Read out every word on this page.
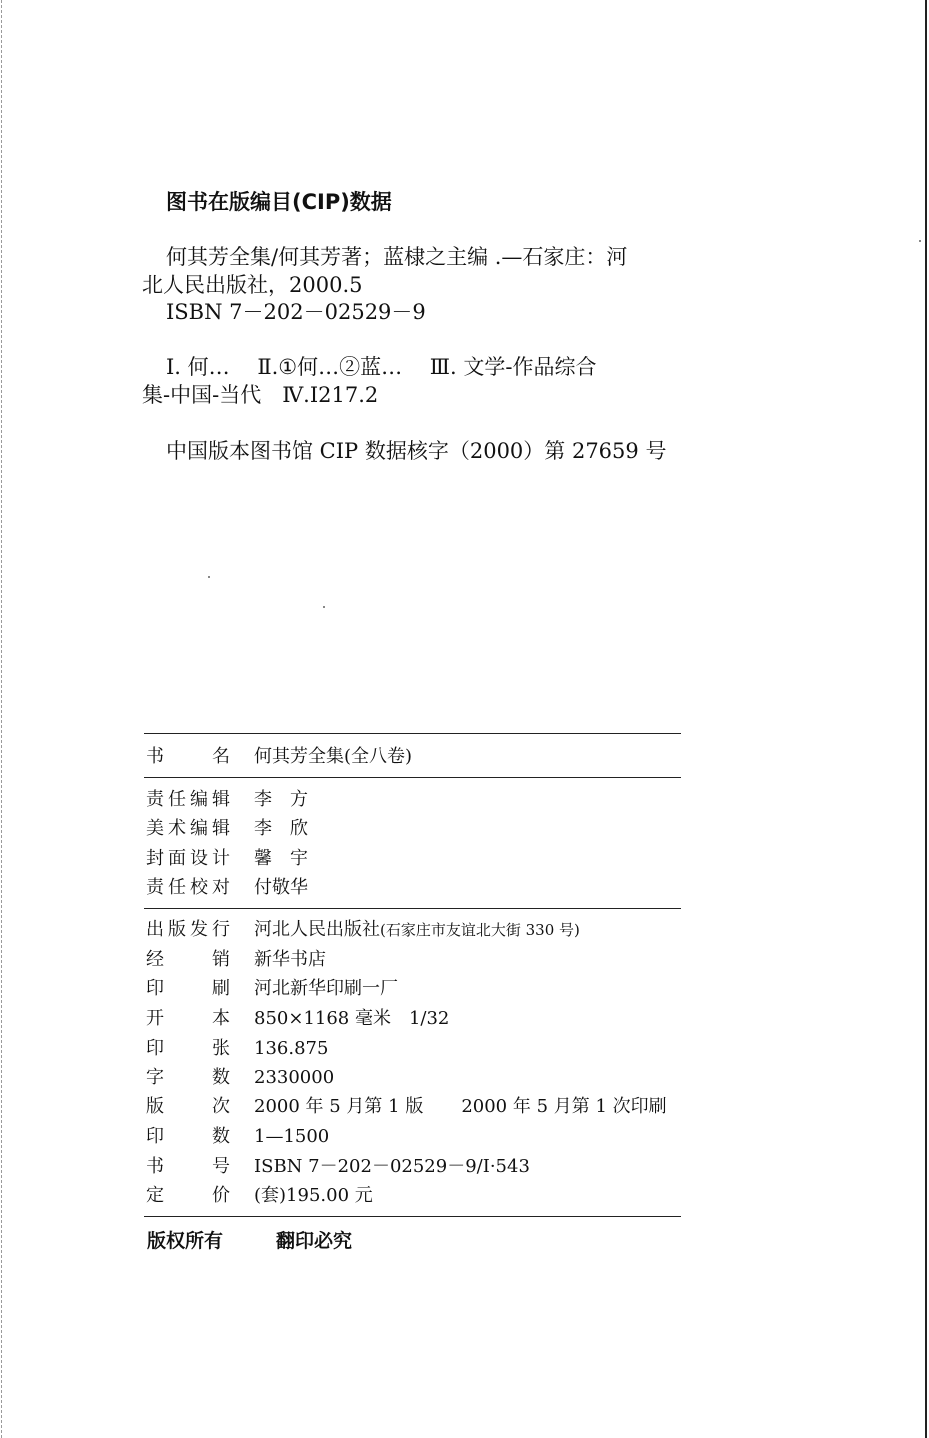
图书在版编目(CIP)数据
何其芳全集/何其芳著；蓝棣之主编 .—石家庄：河
北人民出版社，2000.5
ISBN 7－202－02529－9
Ⅰ. 何…　 Ⅱ.①何…②蓝…　 Ⅲ. 文学-作品综合
集-中国-当代　Ⅳ.I217.2
中国版本图书馆 CIP 数据核字（2000）第 27659 号
书	名 何其芳全集(全八卷)
责 任 编 辑 李　方
美 术 编 辑 李　欣
封 面 设 计 馨　宇
责 任 校 对 付敬华
出 版 发 行 河北人民出版社(石家庄市友谊北大街 330 号)
经	销 新华书店
印	刷 河北新华印刷一厂
开	本 850×1168 毫米　1/32
印	张 136.875
字	数 2330000
版	次 2000 年 5 月第 1 版 2000 年 5 月第 1 次印刷
印	数 1—1500
书	号 ISBN 7－202－02529－9/I·543
定	价 (套)195.00 元
版权所有	翻印必究
